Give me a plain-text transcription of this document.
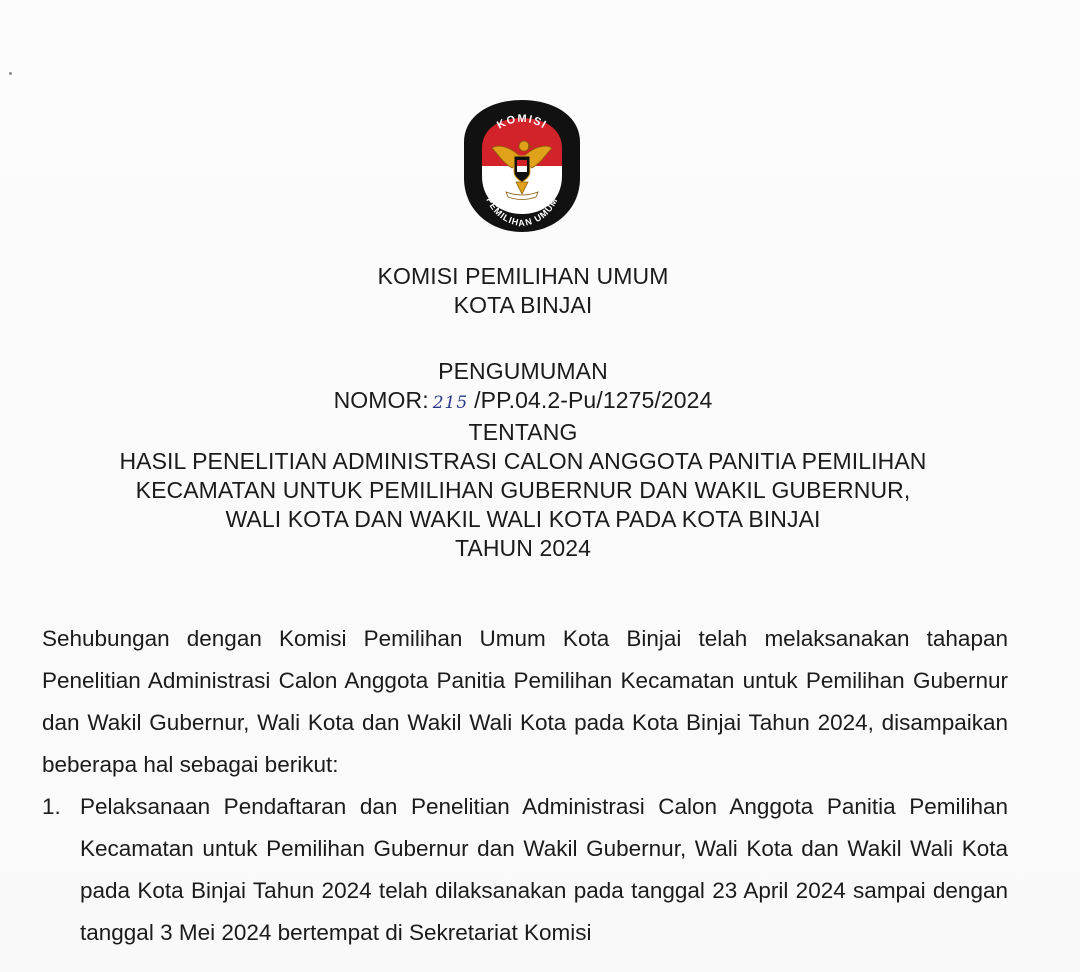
KOMISI
PEMILIHAN UMUM
KOMISI PEMILIHAN UMUM
KOTA BINJAI
PENGUMUMAN
NOMOR: 215 /PP.04.2-Pu/1275/2024
TENTANG
HASIL PENELITIAN ADMINISTRASI CALON ANGGOTA PANITIA PEMILIHAN
KECAMATAN UNTUK PEMILIHAN GUBERNUR DAN WAKIL GUBERNUR,
WALI KOTA DAN WAKIL WALI KOTA PADA KOTA BINJAI
TAHUN 2024

Sehubungan dengan Komisi Pemilihan Umum Kota Binjai telah melaksanakan tahapan Penelitian Administrasi Calon Anggota Panitia Pemilihan Kecamatan untuk Pemilihan Gubernur dan Wakil Gubernur, Wali Kota dan Wakil Wali Kota pada Kota Binjai Tahun 2024, disampaikan beberapa hal sebagai berikut:

1. Pelaksanaan Pendaftaran dan Penelitian Administrasi Calon Anggota Panitia Pemilihan Kecamatan untuk Pemilihan Gubernur dan Wakil Gubernur, Wali Kota dan Wakil Wali Kota pada Kota Binjai Tahun 2024 telah dilaksanakan pada tanggal 23 April 2024 sampai dengan tanggal 3 Mei 2024 bertempat di Sekretariat Komisi
